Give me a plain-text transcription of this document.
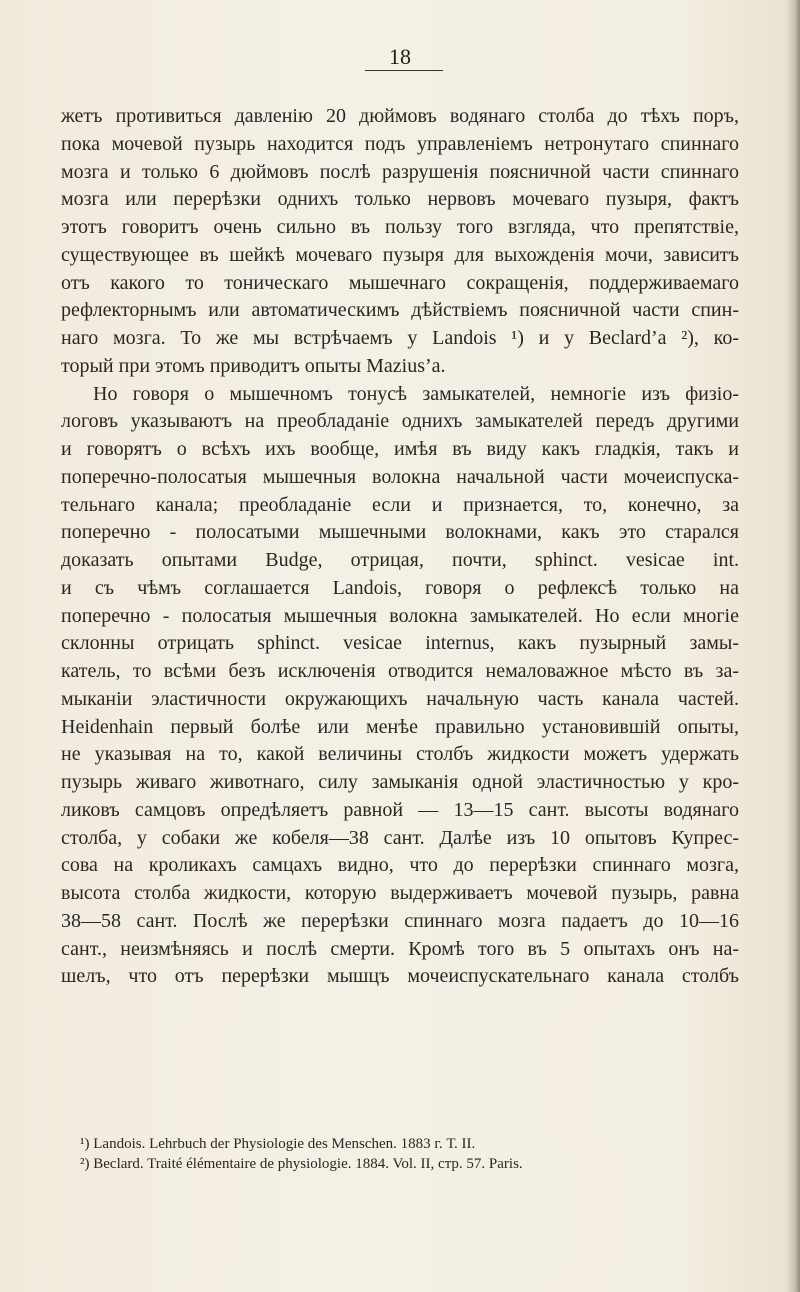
18
жетъ противиться давленію 20 дюймовъ водянаго столба до тѣхъ поръ,
пока мочевой пузырь находится подъ управленіемъ нетронутаго спиннаго
мозга и только 6 дюймовъ послѣ разрушенія поясничной части спиннаго
мозга или перерѣзки однихъ только нервовъ мочеваго пузыря, фактъ
этотъ говоритъ очень сильно въ пользу того взгляда, что препятствіе,
существующее въ шейкѣ мочеваго пузыря для выхожденія мочи, зависитъ
отъ какого то тоническаго мышечнаго сокращенія, поддерживаемаго
рефлекторнымъ или автоматическимъ дѣйствіемъ поясничной части спин-
наго мозга. То же мы встрѣчаемъ у Landois ¹) и у Beclard’a ²), ко-
торый при этомъ приводитъ опыты Mazius’a.
Но говоря о мышечномъ тонусѣ замыкателей, немногіе изъ физіо-
логовъ указываютъ на преобладаніе однихъ замыкателей передъ другими
и говорятъ о всѣхъ ихъ вообще, имѣя въ виду какъ гладкія, такъ и
поперечно-полосатыя мышечныя волокна начальной части мочеиспуска-
тельнаго канала; преобладаніе если и признается, то, конечно, за
поперечно - полосатыми мышечными волокнами, какъ это старался
доказать опытами Budge, отрицая, почти, sphinct. vesicae int.
и съ чѣмъ соглашается Landois, говоря о рефлексѣ только на
поперечно - полосатыя мышечныя волокна замыкателей. Но если многіе
склонны отрицать sphinct. vesicae internus, какъ пузырный замы-
катель, то всѣми безъ исключенія отводится немаловажное мѣсто въ за-
мыканіи эластичности окружающихъ начальную часть канала частей.
Heidenhain первый болѣе или менѣе правильно установившій опыты,
не указывая на то, какой величины столбъ жидкости можетъ удержать
пузырь живаго животнаго, силу замыканія одной эластичностью у кро-
ликовъ самцовъ опредѣляетъ равной — 13—15 сант. высоты водянаго
столба, у собаки же кобеля—38 сант. Далѣе изъ 10 опытовъ Купрес-
сова на кроликахъ самцахъ видно, что до перерѣзки спиннаго мозга,
высота столба жидкости, которую выдерживаетъ мочевой пузырь, равна
38—58 сант. Послѣ же перерѣзки спиннаго мозга падаетъ до 10—16
сант., неизмѣняясь и послѣ смерти. Кромѣ того въ 5 опытахъ онъ на-
шелъ, что отъ перерѣзки мышцъ мочеиспускательнаго канала столбъ
¹) Landois. Lehrbuch der Physiologie des Menschen. 1883 г. Т. II.
²) Beclard. Traité élémentaire de physiologie. 1884. Vol. II, стр. 57. Paris.
